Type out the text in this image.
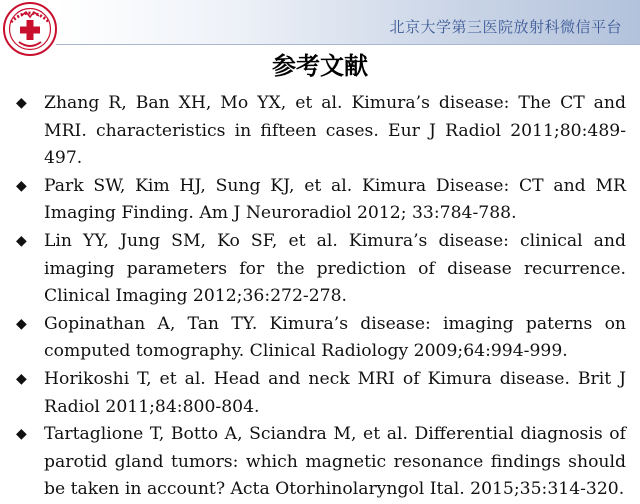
北京大学第三医院放射科微信平台
参考文献
◆	Zhang R, Ban XH, Mo YX, et al. Kimura’s disease: The CT and MRI. characteristics in fifteen cases. Eur J Radiol 2011;80:489-497.
◆	Park SW, Kim HJ, Sung KJ, et al. Kimura Disease: CT and MR Imaging Finding. Am J Neuroradiol 2012; 33:784-788.
◆	Lin YY, Jung SM, Ko SF, et al. Kimura’s disease: clinical and imaging parameters for the prediction of disease recurrence. Clinical Imaging 2012;36:272-278.
◆	Gopinathan A, Tan TY. Kimura’s disease: imaging paterns on computed tomography. Clinical Radiology 2009;64:994-999.
◆	Horikoshi T, et al. Head and neck MRI of Kimura disease. Brit J Radiol 2011;84:800-804.
◆	Tartaglione T, Botto A, Sciandra M, et al. Differential diagnosis of parotid gland tumors: which magnetic resonance findings should be taken in account? Acta Otorhinolaryngol Ital. 2015;35:314-320.
